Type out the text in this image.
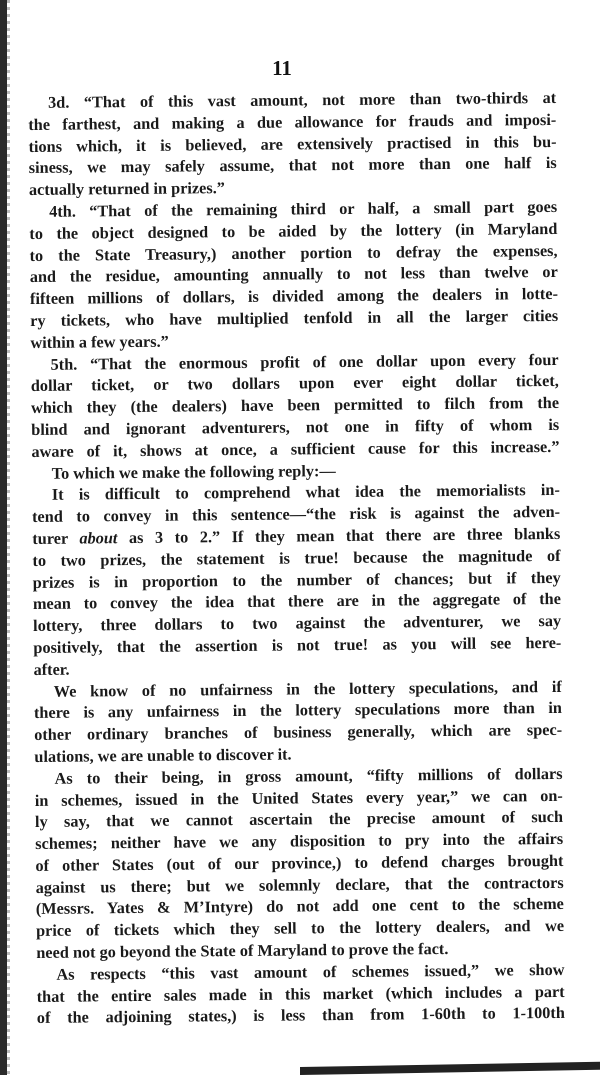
11
3d. “That of this vast amount, not more than two-thirds at
the farthest, and making a due allowance for frauds and imposi-
tions which, it is believed, are extensively practised in this bu-
siness, we may safely assume, that not more than one half is
actually returned in prizes.”
4th. “That of the remaining third or half, a small part goes
to the object designed to be aided by the lottery (in Maryland
to the State Treasury,) another portion to defray the expenses,
and the residue, amounting annually to not less than twelve or
fifteen millions of dollars, is divided among the dealers in lotte-
ry tickets, who have multiplied tenfold in all the larger cities
within a few years.”
5th. “That the enormous profit of one dollar upon every four
dollar ticket, or two dollars upon ever eight dollar ticket,
which they (the dealers) have been permitted to filch from the
blind and ignorant adventurers, not one in fifty of whom is
aware of it, shows at once, a sufficient cause for this increase.”
To which we make the following reply:—
It is difficult to comprehend what idea the memorialists in-
tend to convey in this sentence—“the risk is against the adven-
turer about as 3 to 2.” If they mean that there are three blanks
to two prizes, the statement is true! because the magnitude of
prizes is in proportion to the number of chances; but if they
mean to convey the idea that there are in the aggregate of the
lottery, three dollars to two against the adventurer, we say
positively, that the assertion is not true! as you will see here-
after.
We know of no unfairness in the lottery speculations, and if
there is any unfairness in the lottery speculations more than in
other ordinary branches of business generally, which are spec-
ulations, we are unable to discover it.
As to their being, in gross amount, “fifty millions of dollars
in schemes, issued in the United States every year,” we can on-
ly say, that we cannot ascertain the precise amount of such
schemes; neither have we any disposition to pry into the affairs
of other States (out of our province,) to defend charges brought
against us there; but we solemnly declare, that the contractors
(Messrs. Yates & M’Intyre) do not add one cent to the scheme
price of tickets which they sell to the lottery dealers, and we
need not go beyond the State of Maryland to prove the fact.
As respects “this vast amount of schemes issued,” we show
that the entire sales made in this market (which includes a part
of the adjoining states,) is less than from 1-60th to 1-100th
